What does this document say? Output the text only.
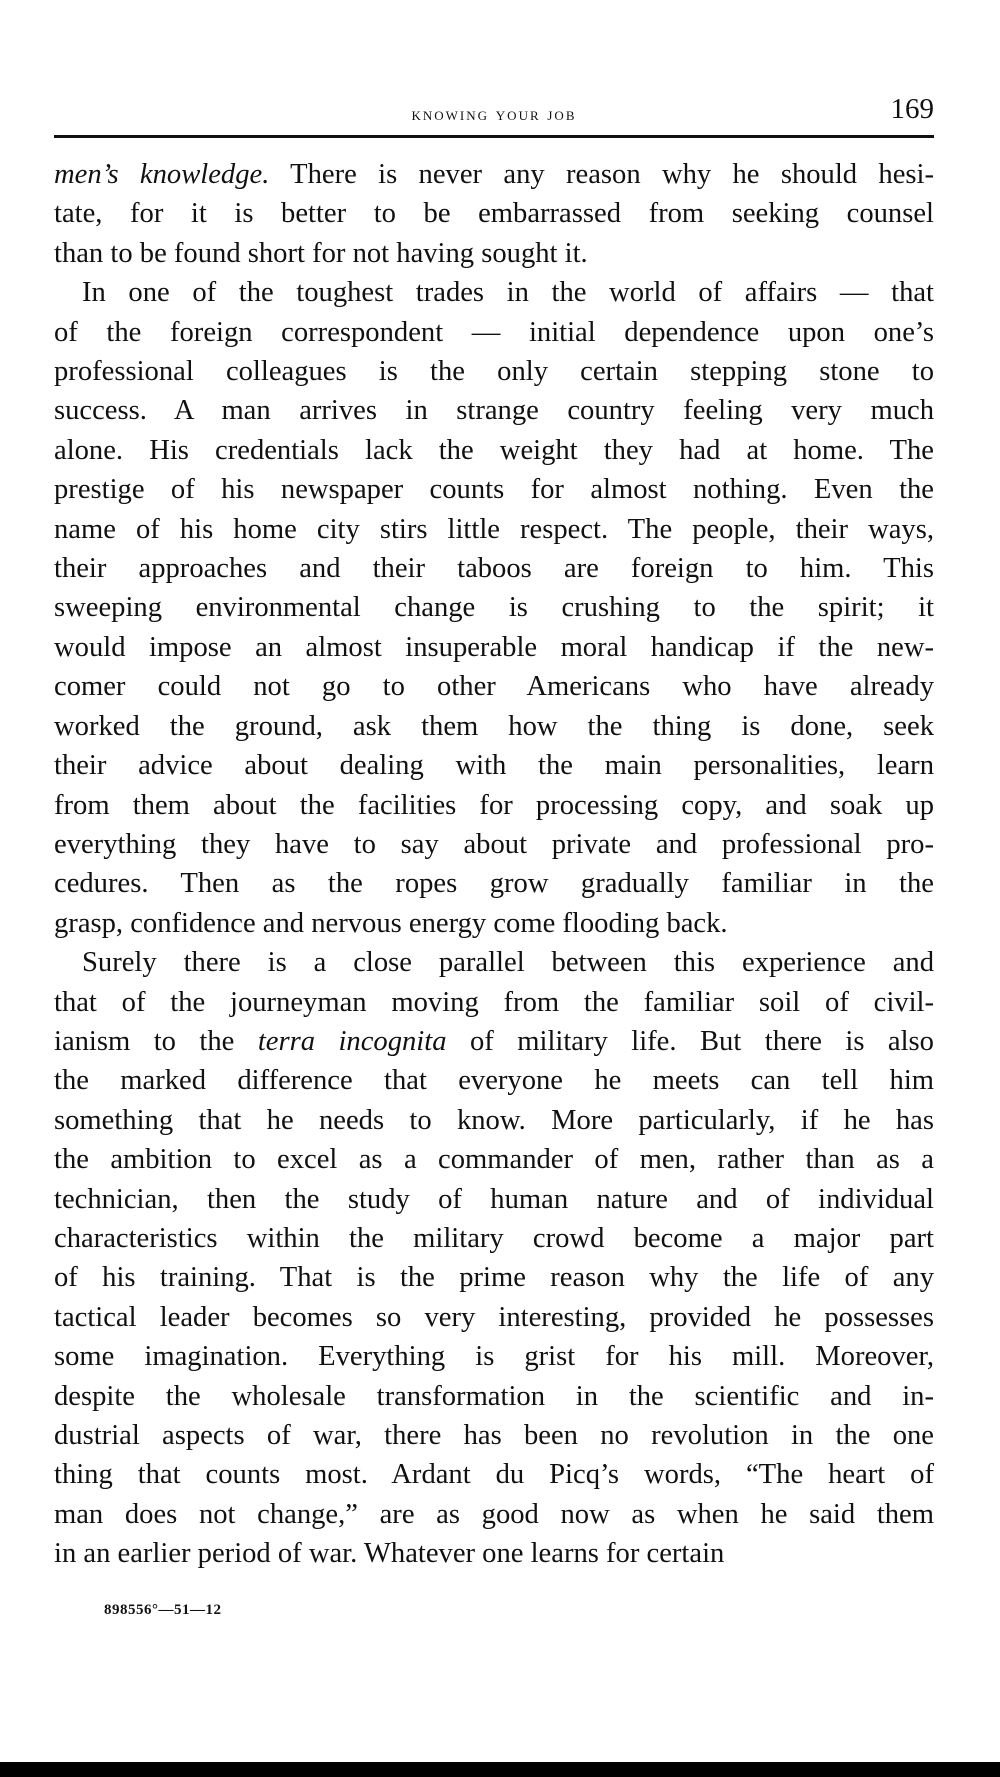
knowing your job	169
men’s knowledge. There is never any reason why he should hesi-
tate, for it is better to be embarrassed from seeking counsel
than to be found short for not having sought it.
In one of the toughest trades in the world of affairs — that
of the foreign correspondent — initial dependence upon one’s
professional colleagues is the only certain stepping stone to
success. A man arrives in strange country feeling very much
alone. His credentials lack the weight they had at home. The
prestige of his newspaper counts for almost nothing. Even the
name of his home city stirs little respect. The people, their ways,
their approaches and their taboos are foreign to him. This
sweeping environmental change is crushing to the spirit; it
would impose an almost insuperable moral handicap if the new-
comer could not go to other Americans who have already
worked the ground, ask them how the thing is done, seek
their advice about dealing with the main personalities, learn
from them about the facilities for processing copy, and soak up
everything they have to say about private and professional pro-
cedures. Then as the ropes grow gradually familiar in the
grasp, confidence and nervous energy come flooding back.
Surely there is a close parallel between this experience and
that of the journeyman moving from the familiar soil of civil-
ianism to the terra incognita of military life. But there is also
the marked difference that everyone he meets can tell him
something that he needs to know. More particularly, if he has
the ambition to excel as a commander of men, rather than as a
technician, then the study of human nature and of individual
characteristics within the military crowd become a major part
of his training. That is the prime reason why the life of any
tactical leader becomes so very interesting, provided he possesses
some imagination. Everything is grist for his mill. Moreover,
despite the wholesale transformation in the scientific and in-
dustrial aspects of war, there has been no revolution in the one
thing that counts most. Ardant du Picq’s words, “The heart of
man does not change,” are as good now as when he said them
in an earlier period of war. Whatever one learns for certain
898556°—51—12
